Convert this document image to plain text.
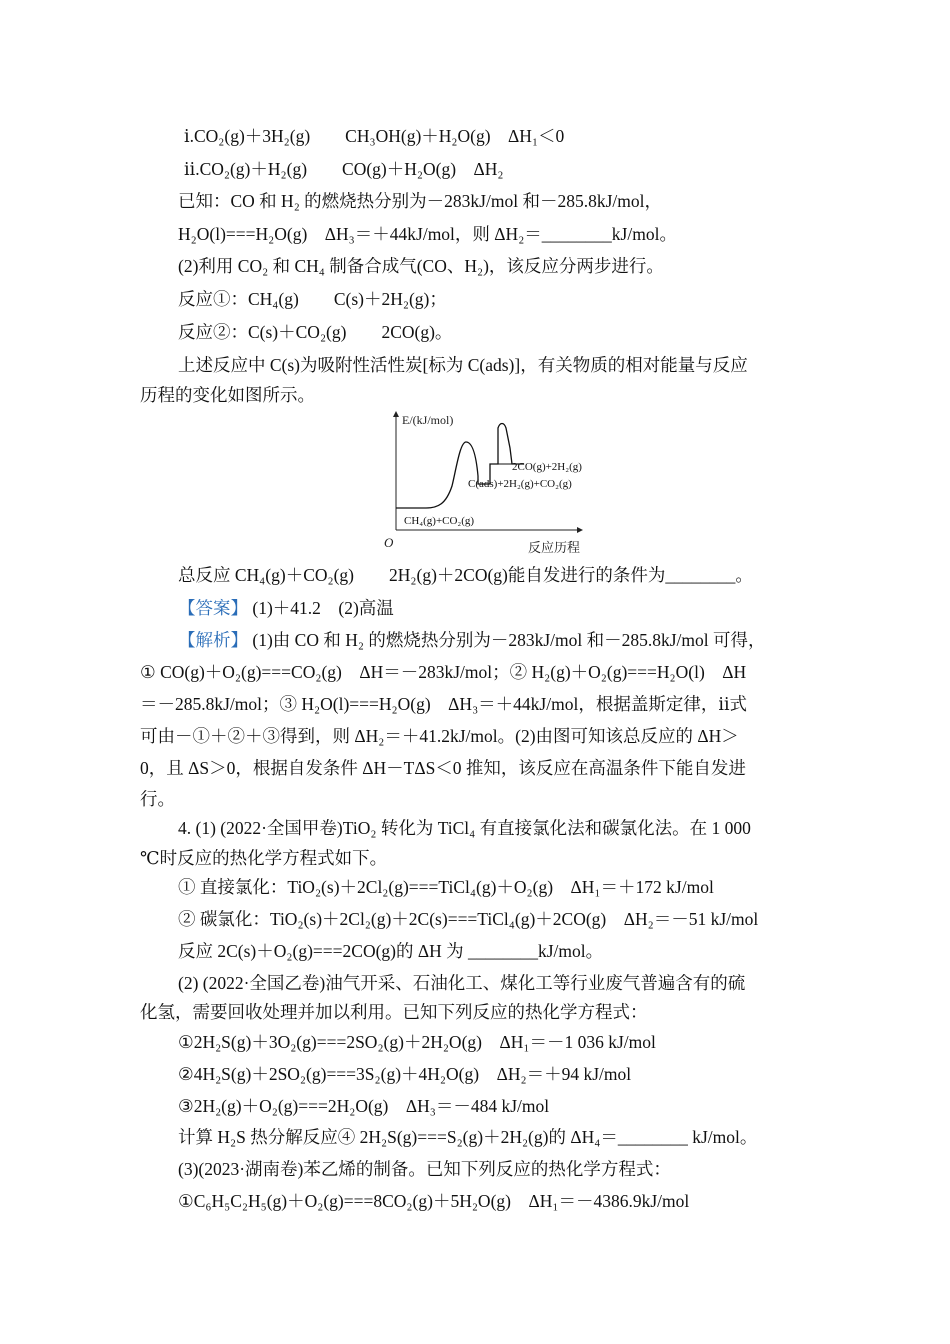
ⅰ.CO₂(g)＋3H₂(g)　　CH₃OH(g)＋H₂O(g)　ΔH₁＜0
ⅱ.CO₂(g)＋H₂(g)　　CO(g)＋H₂O(g)　ΔH₂
已知：CO 和 H₂ 的燃烧热分别为－283kJ/mol 和－285.8kJ/mol，
H₂O(l)===H₂O(g)　ΔH₃＝＋44kJ/mol，则 ΔH₂＝________kJ/mol。
(2)利用 CO₂ 和 CH₄ 制备合成气(CO、H₂)，该反应分两步进行。
反应①：CH₄(g)　　C(s)＋2H₂(g)；
反应②：C(s)＋CO₂(g)　　2CO(g)。
上述反应中 C(s)为吸附性活性炭[标为 C(ads)]，有关物质的相对能量与反应
历程的变化如图所示。
E/(kJ/mol)
O	反应历程
2CO(g)+2H₂(g)
C(ads)+2H₂(g)+CO₂(g)
CH₄(g)+CO₂(g)
总反应 CH₄(g)＋CO₂(g)　　2H₂(g)＋2CO(g)能自发进行的条件为________。
【答案】 (1)＋41.2　(2)高温
【解析】 (1)由 CO 和 H₂ 的燃烧热分别为－283kJ/mol 和－285.8kJ/mol 可得，
① CO(g)＋O₂(g)===CO₂(g)　ΔH＝－283kJ/mol；② H₂(g)＋O₂(g)===H₂O(l)　ΔH
＝－285.8kJ/mol；③ H₂O(l)===H₂O(g)　ΔH₃＝＋44kJ/mol，根据盖斯定律，ⅱ式
可由－①＋②＋③得到，则 ΔH₂＝＋41.2kJ/mol。(2)由图可知该总反应的 ΔH＞
0，且 ΔS＞0，根据自发条件 ΔH－TΔS＜0 推知，该反应在高温条件下能自发进
行。
4. (1) (2022·全国甲卷)TiO₂ 转化为 TiCl₄ 有直接氯化法和碳氯化法。在 1 000
℃时反应的热化学方程式如下。
① 直接氯化：TiO₂(s)＋2Cl₂(g)===TiCl₄(g)＋O₂(g)　ΔH₁＝＋172 kJ/mol
② 碳氯化：TiO₂(s)＋2Cl₂(g)＋2C(s)===TiCl₄(g)＋2CO(g)　ΔH₂＝－51 kJ/mol
反应 2C(s)＋O₂(g)===2CO(g)的 ΔH 为 ________kJ/mol。
(2) (2022·全国乙卷)油气开采、石油化工、煤化工等行业废气普遍含有的硫
化氢，需要回收处理并加以利用。已知下列反应的热化学方程式：
①2H₂S(g)＋3O₂(g)===2SO₂(g)＋2H₂O(g)　ΔH₁＝－1 036 kJ/mol
②4H₂S(g)＋2SO₂(g)===3S₂(g)＋4H₂O(g)　ΔH₂＝＋94 kJ/mol
③2H₂(g)＋O₂(g)===2H₂O(g)　ΔH₃＝－484 kJ/mol
计算 H₂S 热分解反应④ 2H₂S(g)===S₂(g)＋2H₂(g)的 ΔH₄＝________ kJ/mol。
(3)(2023·湖南卷)苯乙烯的制备。已知下列反应的热化学方程式：
①C₆H₅C₂H₅(g)＋O₂(g)===8CO₂(g)＋5H₂O(g)　ΔH₁＝－4386.9kJ/mol
